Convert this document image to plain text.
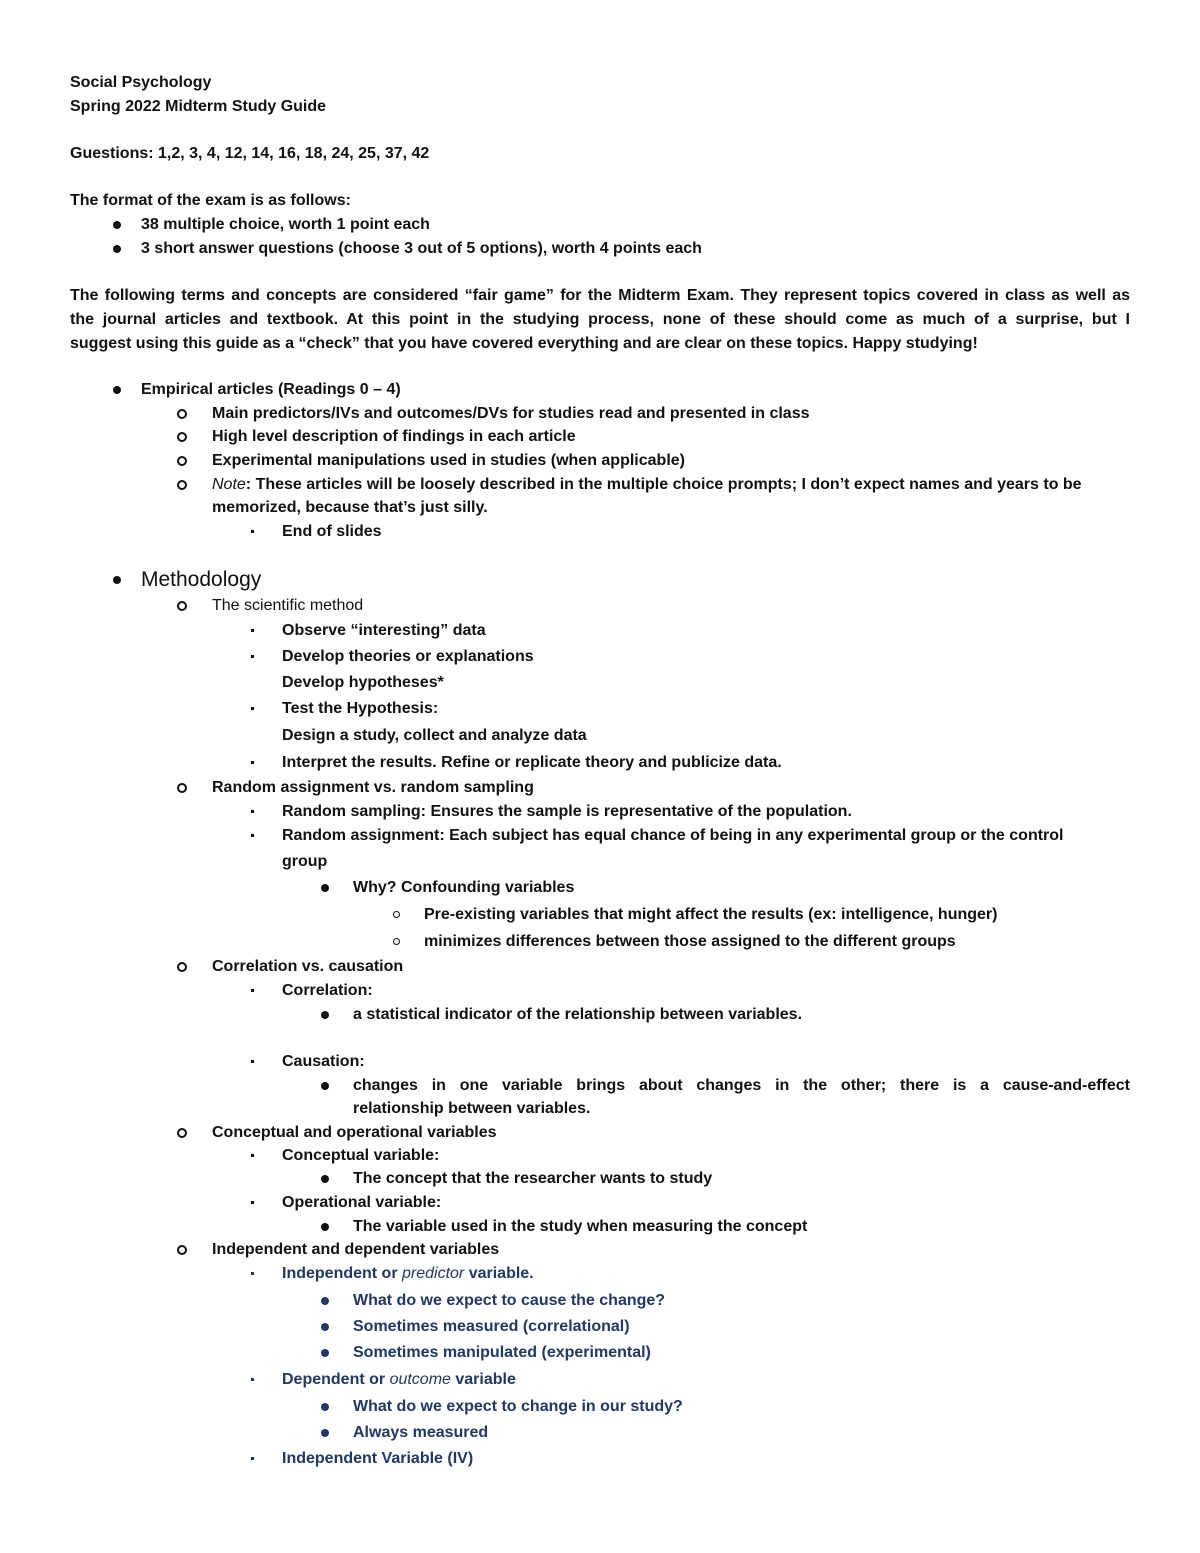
Social Psychology
Spring 2022 Midterm Study Guide
Guestions: 1,2, 3, 4, 12, 14, 16, 18, 24, 25, 37, 42
The format of the exam is as follows:
38 multiple choice, worth 1 point each
3 short answer questions (choose 3 out of 5 options), worth 4 points each
The following terms and concepts are considered “fair game” for the Midterm Exam. They represent topics covered in class as well as
the journal articles and textbook. At this point in the studying process, none of these should come as much of a surprise, but I
suggest using this guide as a “check” that you have covered everything and are clear on these topics. Happy studying!
Empirical articles (Readings 0 – 4)
Main predictors/IVs and outcomes/DVs for studies read and presented in class
High level description of findings in each article
Experimental manipulations used in studies (when applicable)
Note: These articles will be loosely described in the multiple choice prompts; I don’t expect names and years to be
memorized, because that’s just silly.
End of slides
Methodology
The scientific method
Observe “interesting” data
Develop theories or explanations
Develop hypotheses*
Test the Hypothesis:
Design a study, collect and analyze data
Interpret the results. Refine or replicate theory and publicize data.
Random assignment vs. random sampling
Random sampling: Ensures the sample is representative of the population.
Random assignment: Each subject has equal chance of being in any experimental group or the control
group
Why? Confounding variables
Pre-existing variables that might affect the results (ex: intelligence, hunger)
minimizes differences between those assigned to the different groups
Correlation vs. causation
Correlation:
a statistical indicator of the relationship between variables.
Causation:
changes in one variable brings about changes in the other; there is a cause-and-effect
relationship between variables.
Conceptual and operational variables
Conceptual variable:
The concept that the researcher wants to study
Operational variable:
The variable used in the study when measuring the concept
Independent and dependent variables
Independent or predictor variable.
What do we expect to cause the change?
Sometimes measured (correlational)
Sometimes manipulated (experimental)
Dependent or outcome variable
What do we expect to change in our study?
Always measured
Independent Variable (IV)
